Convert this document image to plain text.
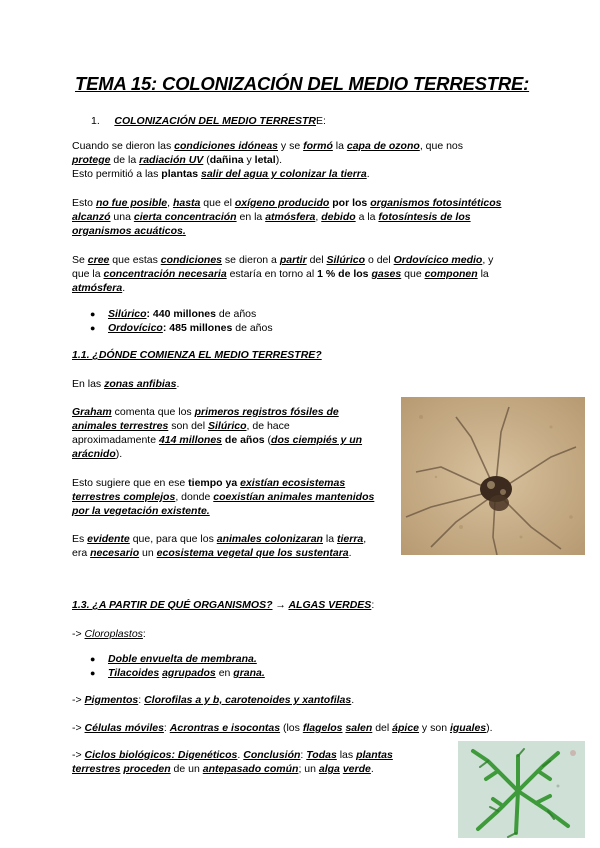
TEMA 15: COLONIZACIÓN DEL MEDIO TERRESTRE:
1. COLONIZACIÓN DEL MEDIO TERRESTRE:
Cuando se dieron las condiciones idóneas y se formó la capa de ozono, que nos
protege de la radiación UV (dañina y letal).
Esto permitió a las plantas salir del agua y colonizar la tierra.
Esto no fue posible, hasta que el oxígeno producido por los organismos fotosintéticos
alcanzó una cierta concentración en la atmósfera, debido a la fotosíntesis de los
organismos acuáticos.
Se cree que estas condiciones se dieron a partir del Silúrico o del Ordovícico medio, y
que la concentración necesaria estaría en torno al 1 % de los gases que componen la
atmósfera.
● Silúrico: 440 millones de años
● Ordovícico: 485 millones de años
1.1. ¿DÓNDE COMIENZA EL MEDIO TERRESTRE?
En las zonas anfibias.
Graham comenta que los primeros registros fósiles de
animales terrestres son del Silúrico, de hace
aproximadamente 414 millones de años (dos ciempiés y un
arácnido).
Esto sugiere que en ese tiempo ya existían ecosistemas
terrestres complejos, donde coexistían animales mantenidos
por la vegetación existente.
Es evidente que, para que los animales colonizaran la tierra,
era necesario un ecosistema vegetal que los sustentara.
1.3. ¿A PARTIR DE QUÉ ORGANISMOS? → ALGAS VERDES:
-> Cloroplastos:
● Doble envuelta de membrana.
● Tilacoides agrupados en grana.
-> Pigmentos: Clorofilas a y b, carotenoides y xantofilas.
-> Células móviles: Acrontras e isocontas (los flagelos salen del ápice y son iguales).
-> Ciclos biológicos: Digenéticos. Conclusión: Todas las plantas
terrestres proceden de un antepasado común; un alga verde.
